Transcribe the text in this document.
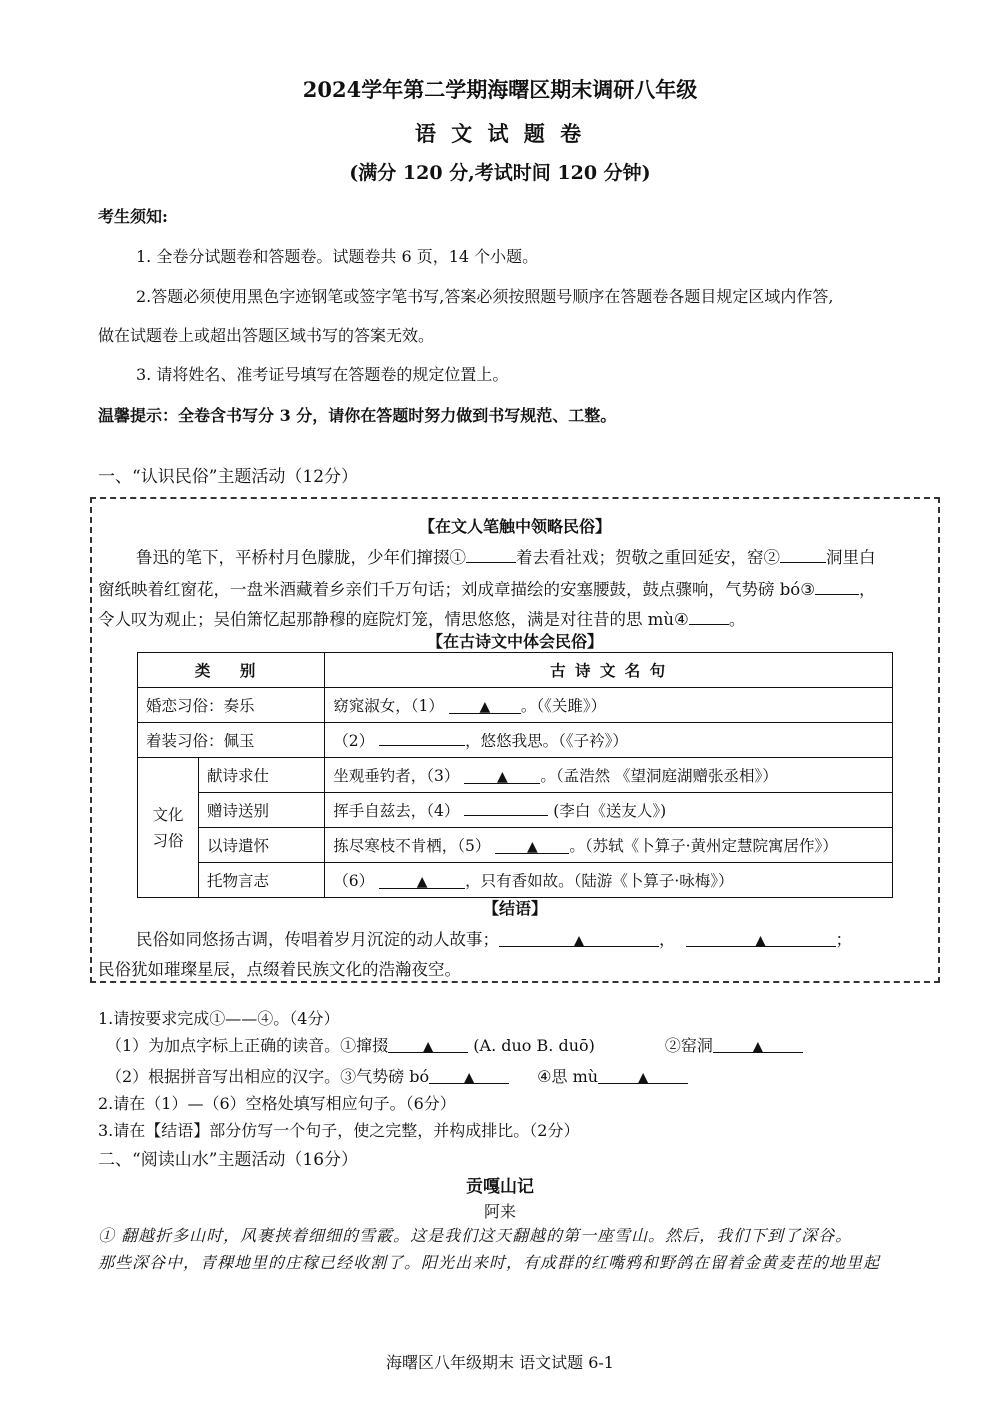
2024学年第二学期海曙区期末调研八年级
语 文 试 题 卷
(满分 120 分,考试时间 120 分钟)
考生须知:
1. 全卷分试题卷和答题卷。试题卷共 6 页，14 个小题。
2.答题必须使用黑色字迹钢笔或签字笔书写,答案必须按照题号顺序在答题卷各题目规定区域内作答,
做在试题卷上或超出答题区域书写的答案无效。
3. 请将姓名、准考证号填写在答题卷的规定位置上。
温馨提示：全卷含书写分 3 分，请你在答题时努力做到书写规范、工整。
一、“认识民俗”主题活动（12分）
【在文人笔触中领略民俗】
鲁迅的笔下，平桥村月色朦胧，少年们撺掇①	着去看社戏；贺敬之重回延安，窑②	洞里白
窗纸映着红窗花，一盘米酒藏着乡亲们千万句话；刘成章描绘的安塞腰鼓，鼓点骤响，气势磅 bó③	，
令人叹为观止；吴伯箫忆起那静穆的庭院灯笼，情思悠悠，满是对往昔的思 mù④ 。
【在古诗文中体会民俗】
类 别		古 诗 文 名 句
婚恋习俗：奏乐		窈窕淑女，（1） ▲ 。（《关雎》）
着装习俗：佩玉		（2） ，悠悠我思。（《子衿》）
文化
习俗	献诗求仕	坐观垂钓者，（3） ▲ 。（孟浩然 《望洞庭湖赠张丞相》）
	赠诗送别	挥手自兹去，（4） (李白《送友人》)
	以诗遣怀	拣尽寒枝不肯栖，（5） ▲ 。（苏轼《卜算子·黄州定慧院寓居作》）
	托物言志	（6） ▲ ，只有香如故。（陆游《卜算子·咏梅》）
【结语】
民俗如同悠扬古调，传唱着岁月沉淀的动人故事；	▲	，	▲	；
民俗犹如璀璨星辰，点缀着民族文化的浩瀚夜空。
1.请按要求完成①——④。（4分）
（1）为加点字标上正确的读音。①撺掇 ▲ (A. duo B. duō)	②窑洞	▲
（2）根据拼音写出相应的汉字。③气势磅 bó ▲	④思 mù	▲
2.请在（1）—（6）空格处填写相应句子。（6分）
3.请在【结语】部分仿写一个句子，使之完整，并构成排比。（2分）
二、“阅读山水”主题活动（16分）
贡嘎山记
阿来
① 翻越折多山时，风裹挟着细细的雪霰。这是我们这天翻越的第一座雪山。然后，我们下到了深谷。
那些深谷中，青稞地里的庄稼已经收割了。阳光出来时，有成群的红嘴鸦和野鸽在留着金黄麦茬的地里起
海曙区八年级期末 语文试题 6-1
